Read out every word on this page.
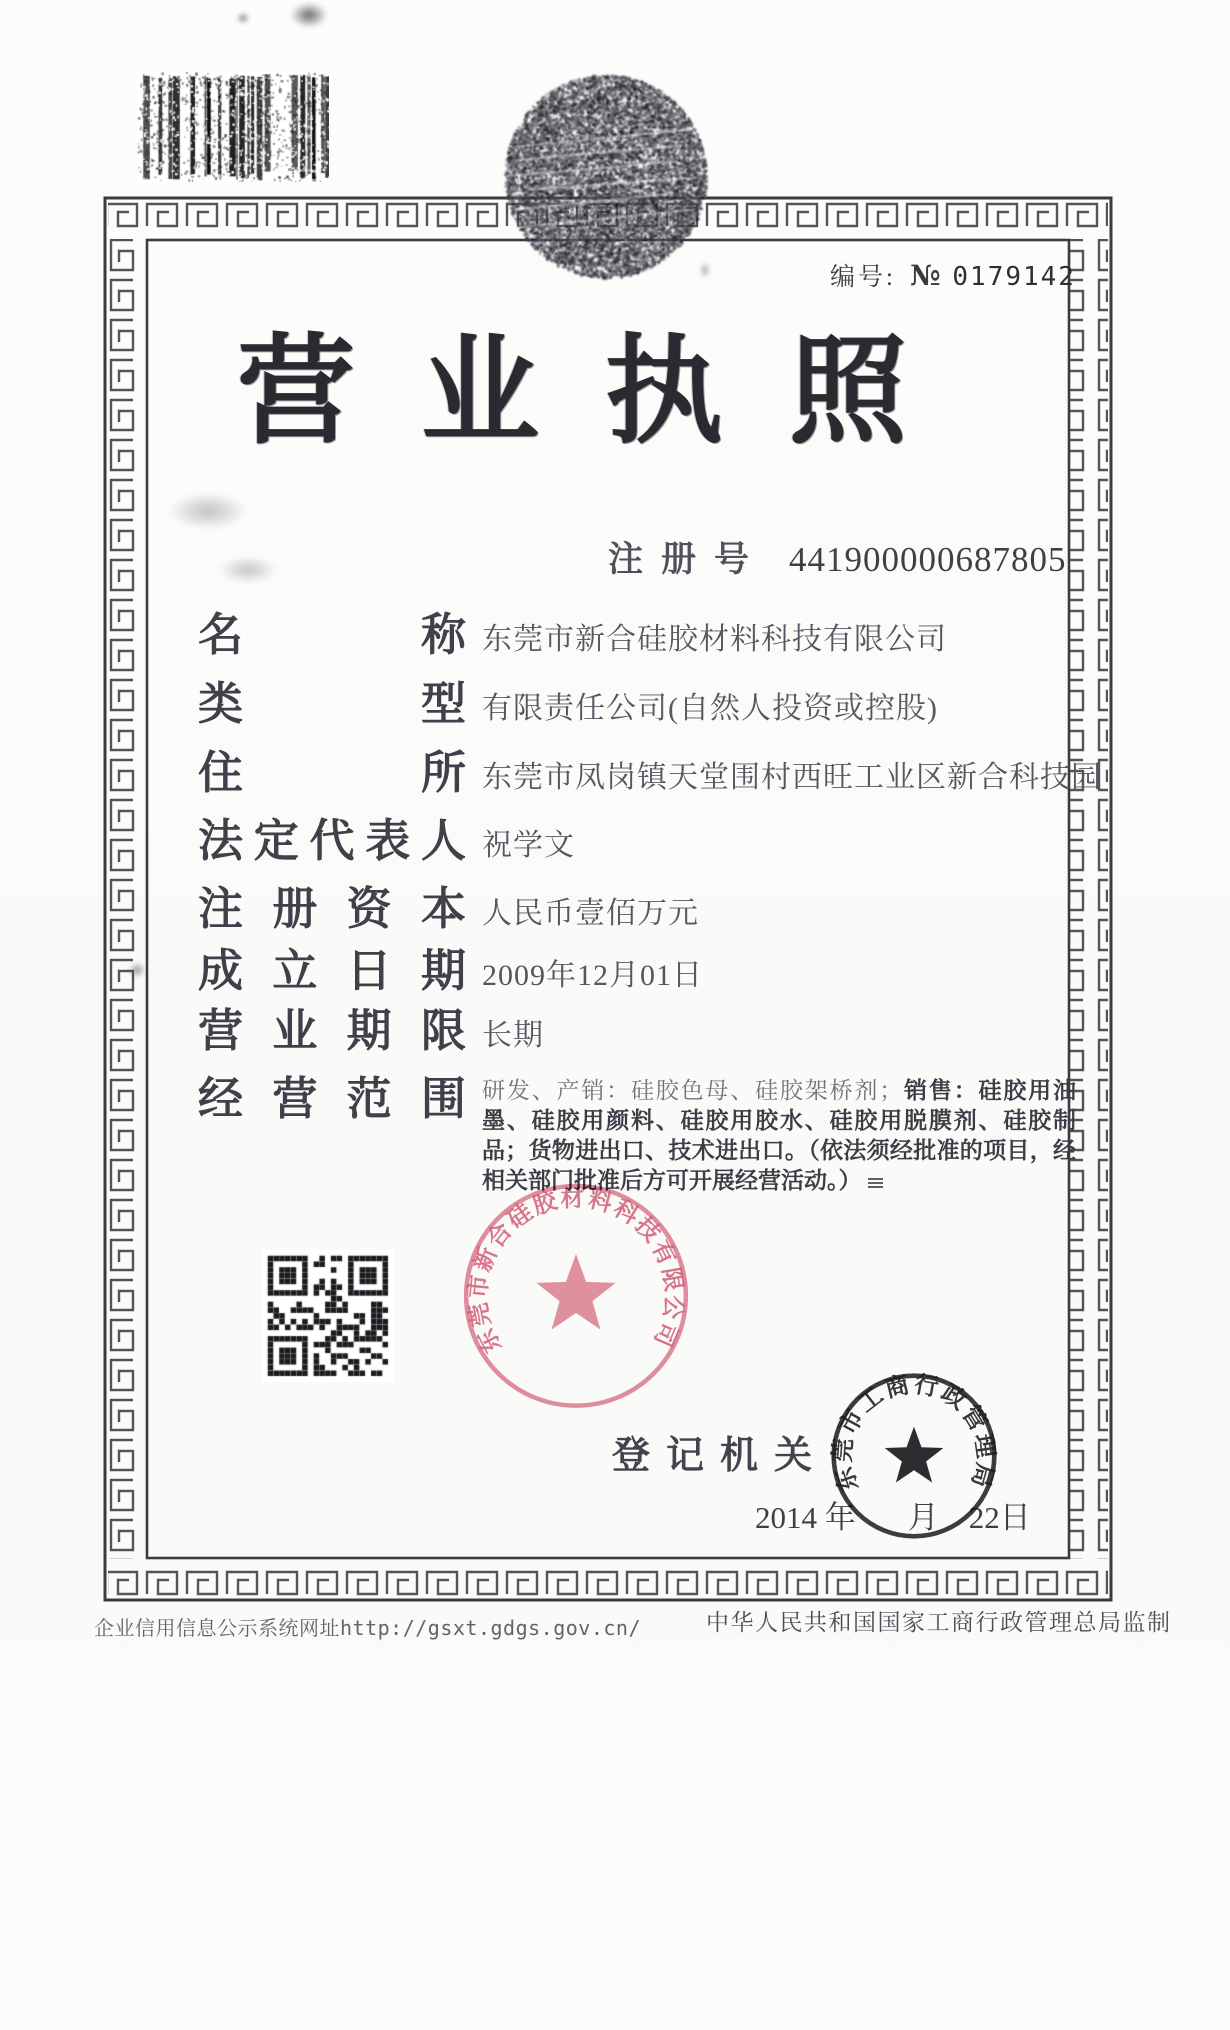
编号: № 0179142
营业执照
注册号 441900000687805
名称 东莞市新合硅胶材料科技有限公司
类型 有限责任公司(自然人投资或控股)
住所 东莞市凤岗镇天堂围村西旺工业区新合科技园
法定代表人 祝学文
注册资本 人民币壹佰万元
成立日期 2009年12月01日
营业期限 长期
经营范围 研发、产销：硅胶色母、硅胶架桥剂；销售：硅胶用油墨、硅胶用颜料、硅胶用胶水、硅胶用脱膜剂、硅胶制品；货物进出口、技术进出口。（依法须经批准的项目，经相关部门批准后方可开展经营活动。）
东莞市新合硅胶材料科技有限公司
登记机关
2014 年 月 22日
东莞市工商行政管理局
企业信用信息公示系统网址http://gsxt.gdgs.gov.cn/	中华人民共和国国家工商行政管理总局监制
